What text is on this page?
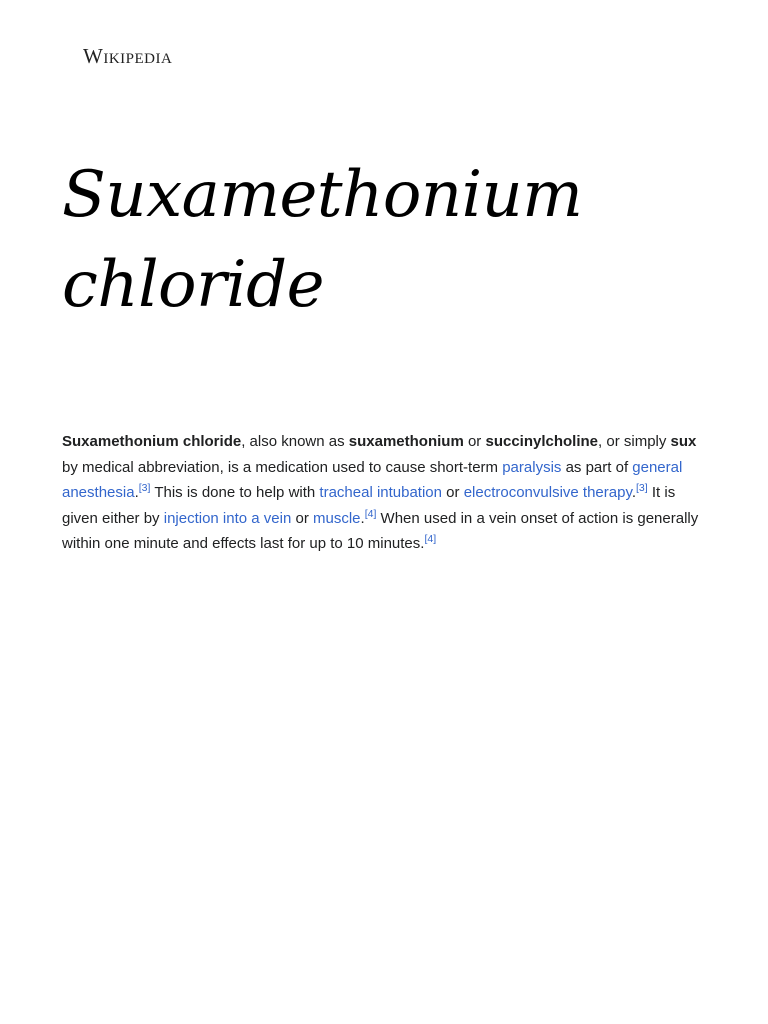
Wikipedia
Suxamethonium chloride

Suxamethonium chloride, also known as suxamethonium or succinylcholine, or simply sux by medical abbreviation, is a medication used to cause short-term paralysis as part of general anesthesia.[3] This is done to help with tracheal intubation or electroconvulsive therapy.[3] It is given either by injection into a vein or muscle.[4] When used in a vein onset of action is generally within one minute and effects last for up to 10 minutes.[4]
